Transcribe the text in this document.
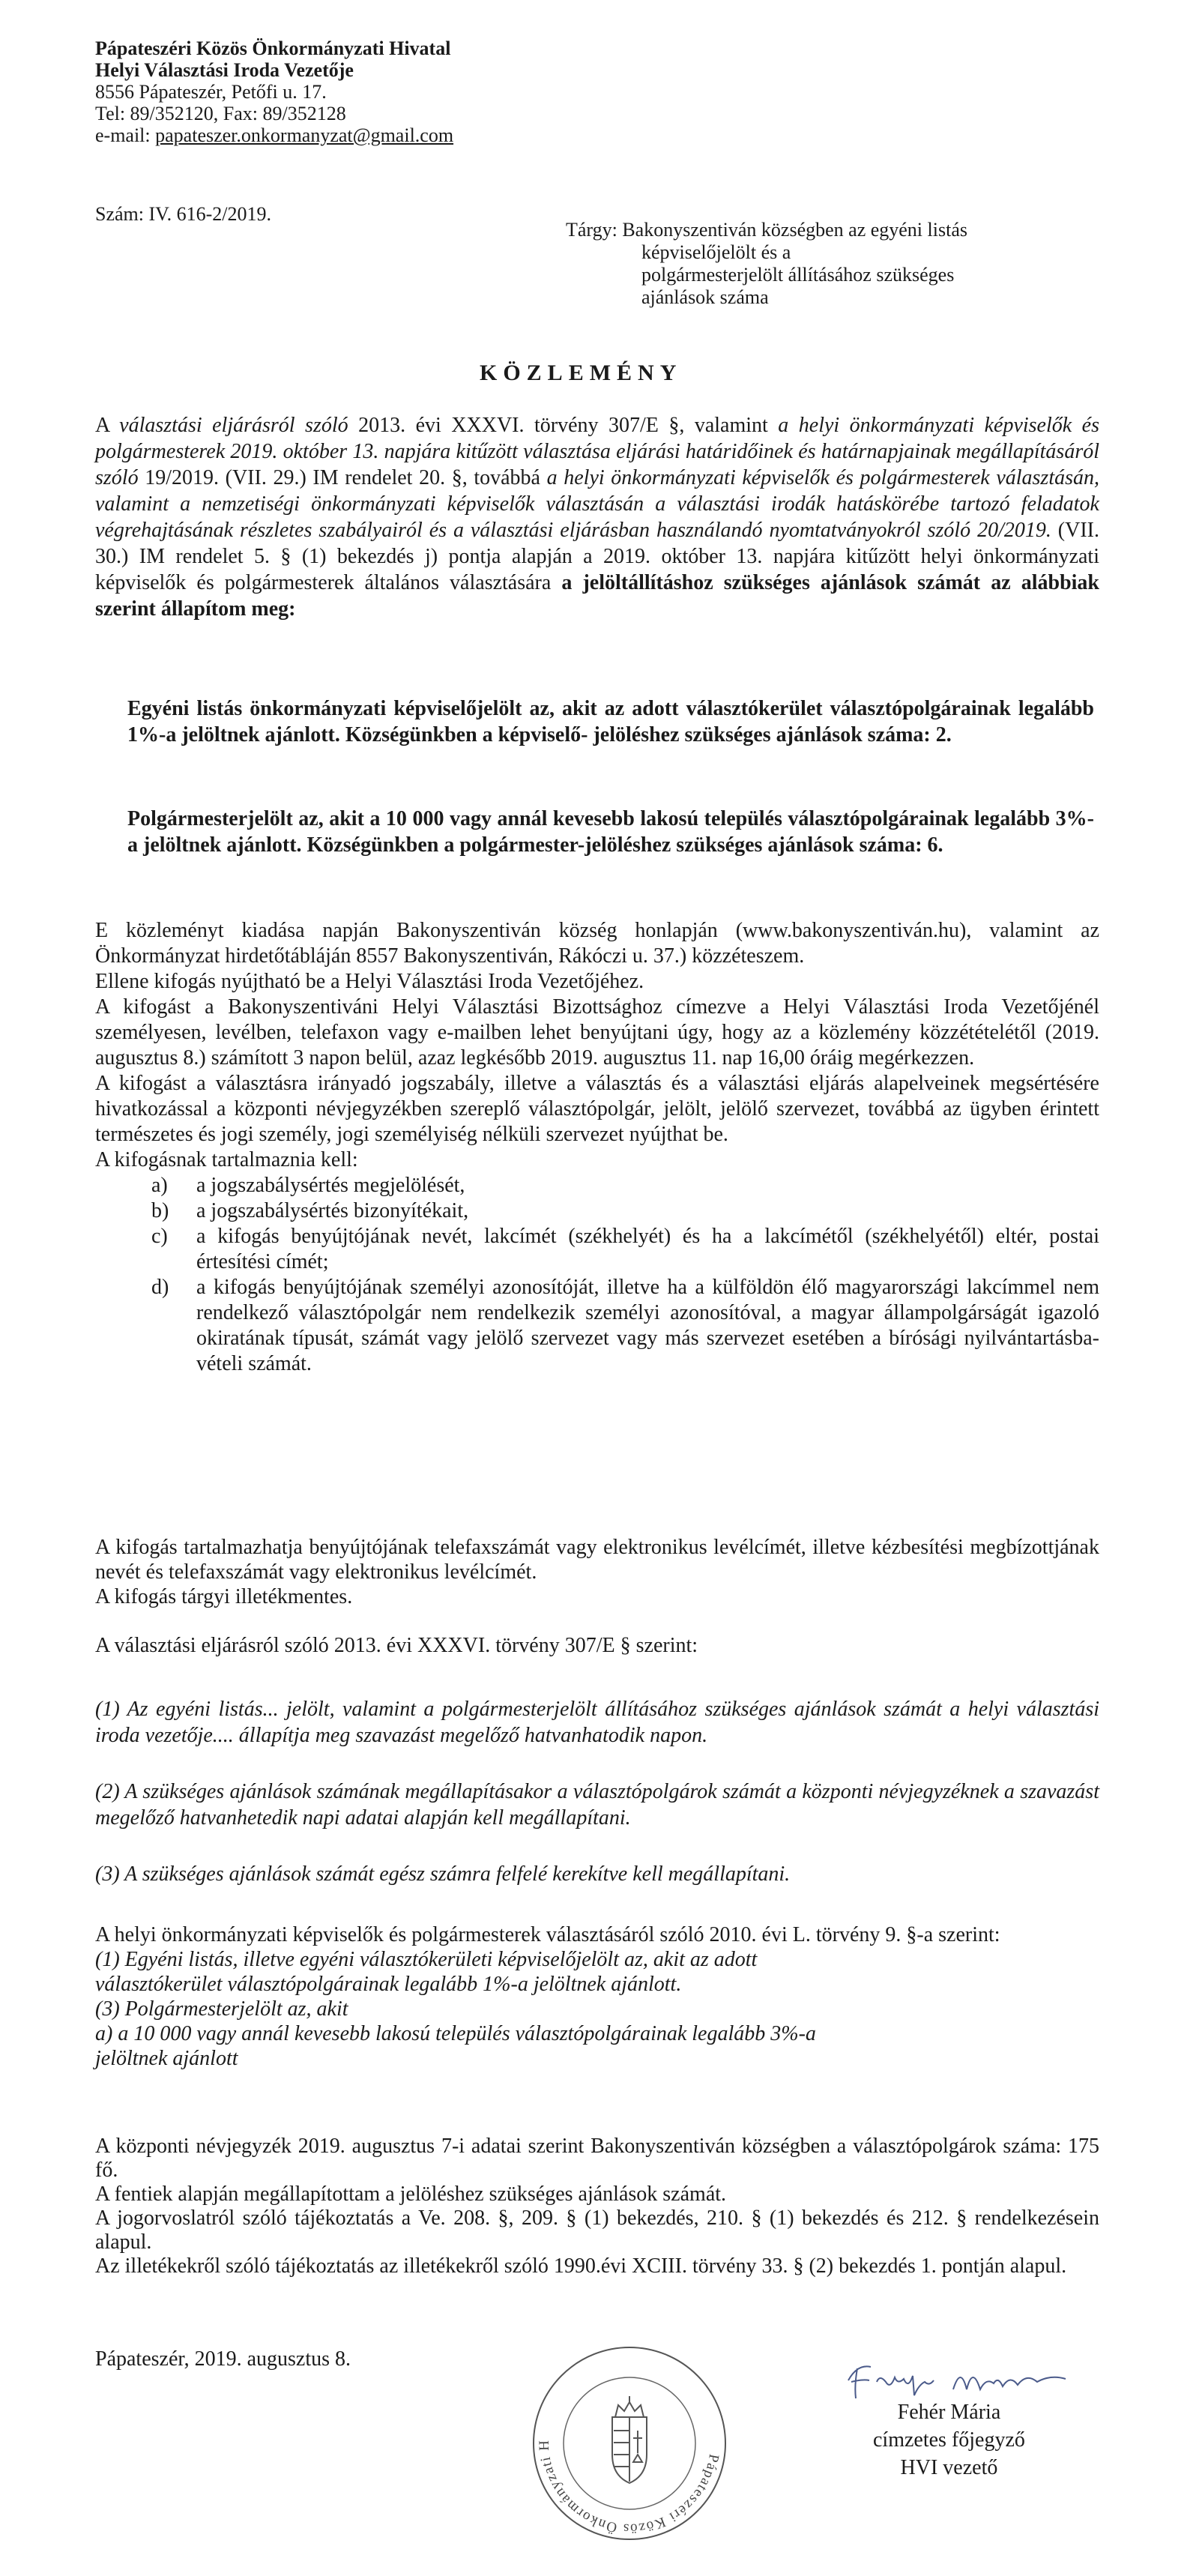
Pápateszéri Közös Önkormányzati Hivatal
Helyi Választási Iroda Vezetője
8556 Pápateszér, Petőfi u. 17.
Tel: 89/352120, Fax: 89/352128
e-mail: papateszer.onkormanyzat@gmail.com
Szám: IV. 616-2/2019.
Tárgy: Bakonyszentiván községben az egyéni listás
képviselőjelölt és a
polgármesterjelölt állításához szükséges
ajánlások száma
KÖZLEMÉNY

A választási eljárásról szóló 2013. évi XXXVI. törvény 307/E §, valamint a helyi önkormányzati képviselők és polgármesterek 2019. október 13. napjára kitűzött választása eljárási határidőinek és határnapjainak megállapításáról szóló 19/2019. (VII. 29.) IM rendelet 20. §, továbbá a helyi önkormányzati képviselők és polgármesterek választásán, valamint a nemzetiségi önkormányzati képviselők választásán a választási irodák hatáskörébe tartozó feladatok végrehajtásának részletes szabályairól és a választási eljárásban használandó nyomtatványokról szóló 20/2019. (VII. 30.) IM rendelet 5. § (1) bekezdés j) pontja alapján a 2019. október 13. napjára kitűzött helyi önkormányzati képviselők és polgármesterek általános választására a jelöltállításhoz szükséges ajánlások számát az alábbiak szerint állapítom meg:

Egyéni listás önkormányzati képviselőjelölt az, akit az adott választókerület választópolgárainak legalább 1%-a jelöltnek ajánlott. Községünkben a képviselő- jelöléshez szükséges ajánlások száma: 2.

Polgármesterjelölt az, akit a 10 000 vagy annál kevesebb lakosú település választópolgárainak legalább 3%-a jelöltnek ajánlott. Községünkben a polgármester-jelöléshez szükséges ajánlások száma: 6.

E közleményt kiadása napján Bakonyszentiván község honlapján (www.bakonyszentiván.hu), valamint az Önkormányzat hirdetőtábláján 8557 Bakonyszentiván, Rákóczi u. 37.) közzéteszem.

Ellene kifogás nyújtható be a Helyi Választási Iroda Vezetőjéhez.

A kifogást a Bakonyszentiváni Helyi Választási Bizottsághoz címezve a Helyi Választási Iroda Vezetőjénél személyesen, levélben, telefaxon vagy e-mailben lehet benyújtani úgy, hogy az a közlemény közzétételétől (2019. augusztus 8.) számított 3 napon belül, azaz legkésőbb 2019. augusztus 11. nap 16,00 óráig megérkezzen.

A kifogást a választásra irányadó jogszabály, illetve a választás és a választási eljárás alapelveinek megsértésére hivatkozással a központi névjegyzékben szereplő választópolgár, jelölt, jelölő szervezet, továbbá az ügyben érintett természetes és jogi személy, jogi személyiség nélküli szervezet nyújthat be.

A kifogásnak tartalmaznia kell:

a) a jogszabálysértés megjelölését,
b) a jogszabálysértés bizonyítékait,
c) a kifogás benyújtójának nevét, lakcímét (székhelyét) és ha a lakcímétől (székhelyétől) eltér, postai értesítési címét;
d) a kifogás benyújtójának személyi azonosítóját, illetve ha a külföldön élő magyarországi lakcímmel nem rendelkező választópolgár nem rendelkezik személyi azonosítóval, a magyar állampolgárságát igazoló okiratának típusát, számát vagy jelölő szervezet vagy más szervezet esetében a bírósági nyilvántartásba-vételi számát.

A kifogás tartalmazhatja benyújtójának telefaxszámát vagy elektronikus levélcímét, illetve kézbesítési megbízottjának nevét és telefaxszámát vagy elektronikus levélcímét.

A kifogás tárgyi illetékmentes.

A választási eljárásról szóló 2013. évi XXXVI. törvény 307/E § szerint:

(1) Az egyéni listás... jelölt, valamint a polgármesterjelölt állításához szükséges ajánlások számát a helyi választási iroda vezetője.... állapítja meg szavazást megelőző hatvanhatodik napon.

(2) A szükséges ajánlások számának megállapításakor a választópolgárok számát a központi névjegyzéknek a szavazást megelőző hatvanhetedik napi adatai alapján kell megállapítani.

(3) A szükséges ajánlások számát egész számra felfelé kerekítve kell megállapítani.

A helyi önkormányzati képviselők és polgármesterek választásáról szóló 2010. évi L. törvény 9. §-a szerint:

(1) Egyéni listás, illetve egyéni választókerületi képviselőjelölt az, akit az adott választókerület választópolgárainak legalább 1%-a jelöltnek ajánlott.

(3) Polgármesterjelölt az, akit

a) a 10 000 vagy annál kevesebb lakosú település választópolgárainak legalább 3%-a jelöltnek ajánlott

A központi névjegyzék 2019. augusztus 7-i adatai szerint Bakonyszentiván községben a választópolgárok száma: 175 fő.

A fentiek alapján megállapítottam a jelöléshez szükséges ajánlások számát.

A jogorvoslatról szóló tájékoztatás a Ve. 208. §, 209. § (1) bekezdés, 210. § (1) bekezdés és 212. § rendelkezésein alapul.

Az illetékekről szóló tájékoztatás az illetékekről szóló 1990.évi XCIII. törvény 33. § (2) bekezdés 1. pontján alapul.

Pápateszér, 2019. augusztus 8.
Pápateszéri Közös Önkormányzati H
Fehér Mária
címzetes főjegyző
HVI vezető
